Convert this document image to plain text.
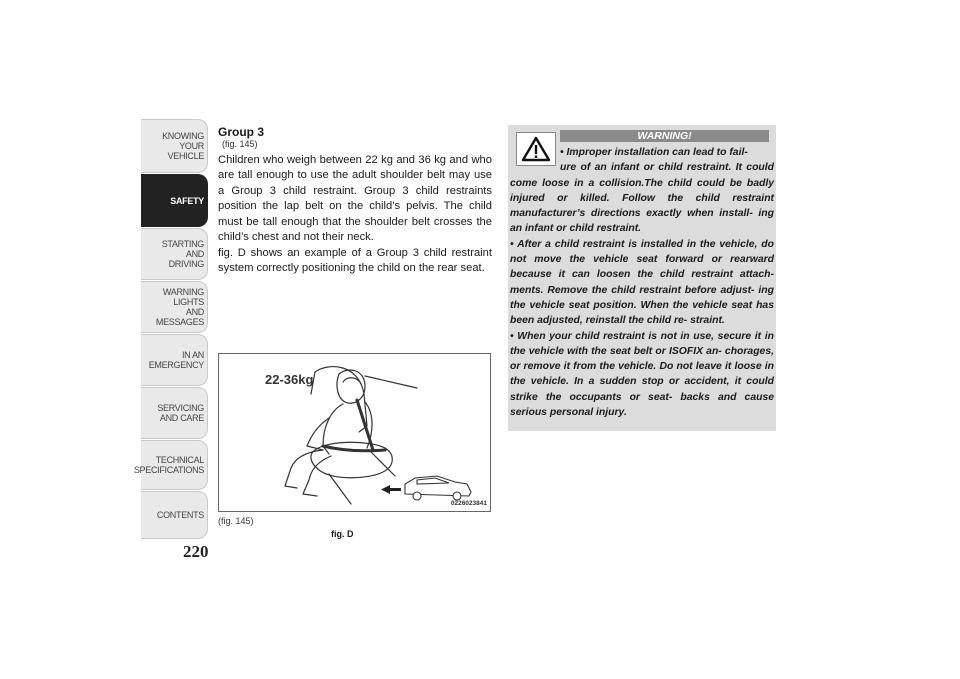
KNOWING
YOUR
VEHICLE
SAFETY
STARTING
AND
DRIVING
WARNING
LIGHTS
AND
MESSAGES
IN AN
EMERGENCY
SERVICING
AND CARE
TECHNICAL
SPECIFICATIONS
CONTENTS
220
Group 3
(fig. 145)
Children who weigh between 22 kg and 36 kg and who are tall enough to use the adult shoulder belt may use a Group 3 child restraint. Group 3 child restraints position the lap belt on the child’s pelvis. The child must be tall enough that the shoulder belt crosses the child’s chest and not their neck.
fig. D shows an example of a Group 3 child restraint system correctly positioning the child on the rear seat.
22-36kg
0226023841
(fig. 145)
fig. D
WARNING!
• Improper installation can lead to fail-
ure of an infant or child restraint. It could come loose in a collision.The child could be badly injured or killed. Follow the child restraint manufacturer’s directions exactly when install- ing an infant or child restraint.
• After a child restraint is installed in the vehicle, do not move the vehicle seat forward or rearward because it can loosen the child restraint attach- ments. Remove the child restraint before adjust- ing the vehicle seat position. When the vehicle seat has been adjusted, reinstall the child re- straint.
• When your child restraint is not in use, secure it in the vehicle with the seat belt or ISOFIX an- chorages, or remove it from the vehicle. Do not leave it loose in the vehicle. In a sudden stop or accident, it could strike the occupants or seat- backs and cause serious personal injury.
